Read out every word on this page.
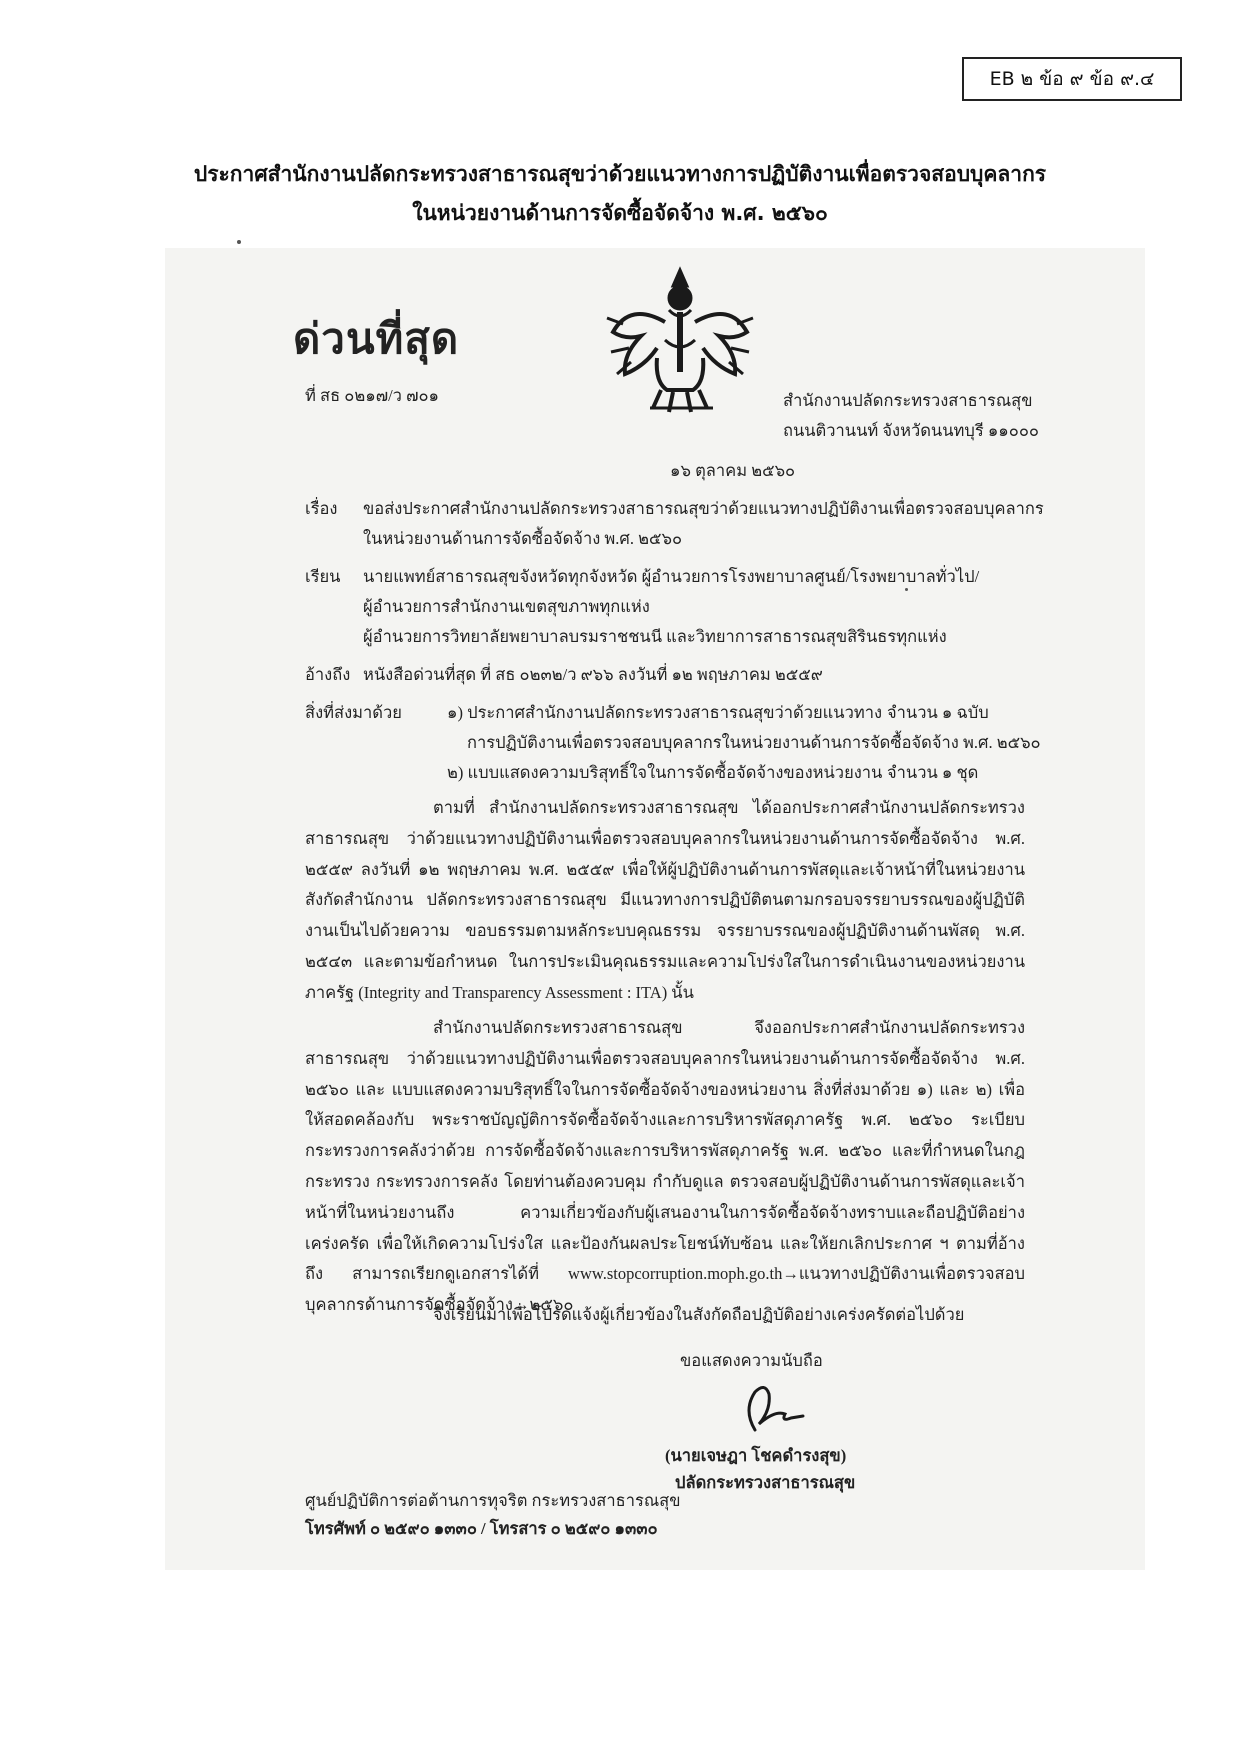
EB ๒ ข้อ ๙ ข้อ ๙.๔
ประกาศสำนักงานปลัดกระทรวงสาธารณสุขว่าด้วยแนวทางการปฏิบัติงานเพื่อตรวจสอบบุคลากร
ในหน่วยงานด้านการจัดซื้อจัดจ้าง พ.ศ. ๒๕๖๐
ด่วนที่สุด
ที่ สธ ๐๒๑๗/ว ๗๐๑	สำนักงานปลัดกระทรวงสาธารณสุข
ถนนติวานนท์ จังหวัดนนทบุรี ๑๑๐๐๐
๑๖ ตุลาคม ๒๕๖๐
เรื่อง ขอส่งประกาศสำนักงานปลัดกระทรวงสาธารณสุขว่าด้วยแนวทางปฏิบัติงานเพื่อตรวจสอบบุคลากร
ในหน่วยงานด้านการจัดซื้อจัดจ้าง พ.ศ. ๒๕๖๐
เรียน นายแพทย์สาธารณสุขจังหวัดทุกจังหวัด ผู้อำนวยการโรงพยาบาลศูนย์/โรงพยาบาลทั่วไป/
ผู้อำนวยการสำนักงานเขตสุขภาพทุกแห่ง
ผู้อำนวยการวิทยาลัยพยาบาลบรมราชชนนี และวิทยาการสาธารณสุขสิรินธรทุกแห่ง
อ้างถึง หนังสือด่วนที่สุด ที่ สธ ๐๒๓๒/ว ๙๖๖ ลงวันที่ ๑๒ พฤษภาคม ๒๕๕๙
สิ่งที่ส่งมาด้วย	๑) ประกาศสำนักงานปลัดกระทรวงสาธารณสุขว่าด้วยแนวทาง จำนวน ๑ ฉบับ
การปฏิบัติงานเพื่อตรวจสอบบุคลากรในหน่วยงานด้านการจัดซื้อจัดจ้าง พ.ศ. ๒๕๖๐
๒) แบบแสดงความบริสุทธิ์ใจในการจัดซื้อจัดจ้างของหน่วยงาน จำนวน ๑ ชุด
ตามที่ สำนักงานปลัดกระทรวงสาธารณสุข ได้ออกประกาศสำนักงานปลัดกระทรวงสาธารณสุข ว่าด้วยแนวทางปฏิบัติงานเพื่อตรวจสอบบุคลากรในหน่วยงานด้านการจัดซื้อจัดจ้าง พ.ศ. ๒๕๕๙ ลงวันที่ ๑๒ พฤษภาคม พ.ศ. ๒๕๕๙ เพื่อให้ผู้ปฏิบัติงานด้านการพัสดุและเจ้าหน้าที่ในหน่วยงานสังกัดสำนักงาน ปลัดกระทรวงสาธารณสุข มีแนวทางการปฏิบัติตนตามกรอบจรรยาบรรณของผู้ปฏิบัติงานเป็นไปด้วยความ ขอบธรรมตามหลักระบบคุณธรรม จรรยาบรรณของผู้ปฏิบัติงานด้านพัสดุ พ.ศ. ๒๕๔๓ และตามข้อกำหนด ในการประเมินคุณธรรมและความโปร่งใสในการดำเนินงานของหน่วยงานภาครัฐ (Integrity and Transparency Assessment : ITA) นั้น
สำนักงานปลัดกระทรวงสาธารณสุข จึงออกประกาศสำนักงานปลัดกระทรวงสาธารณสุข ว่าด้วยแนวทางปฏิบัติงานเพื่อตรวจสอบบุคลากรในหน่วยงานด้านการจัดซื้อจัดจ้าง พ.ศ. ๒๕๖๐ และ แบบแสดงความบริสุทธิ์ใจในการจัดซื้อจัดจ้างของหน่วยงาน สิ่งที่ส่งมาด้วย ๑) และ ๒) เพื่อให้สอดคล้องกับ พระราชบัญญัติการจัดซื้อจัดจ้างและการบริหารพัสดุภาครัฐ พ.ศ. ๒๕๖๐ ระเบียบกระทรวงการคลังว่าด้วย การจัดซื้อจัดจ้างและการบริหารพัสดุภาครัฐ พ.ศ. ๒๕๖๐ และที่กำหนดในกฎกระทรวง กระทรวงการคลัง โดยท่านต้องควบคุม กำกับดูแล ตรวจสอบผู้ปฏิบัติงานด้านการพัสดุและเจ้าหน้าที่ในหน่วยงานถึง ความเกี่ยวข้องกับผู้เสนองานในการจัดซื้อจัดจ้างทราบและถือปฏิบัติอย่างเคร่งครัด เพื่อให้เกิดความโปร่งใส และป้องกันผลประโยชน์ทับซ้อน และให้ยกเลิกประกาศ ฯ ตามที่อ้างถึง สามารถเรียกดูเอกสารได้ที่ www.stopcorruption.moph.go.th→แนวทางปฏิบัติงานเพื่อตรวจสอบบุคลากรด้านการจัดซื้อจัดจ้าง→๒๕๖๐
จึงเรียนมาเพื่อโปรดแจ้งผู้เกี่ยวข้องในสังกัดถือปฏิบัติอย่างเคร่งครัดต่อไปด้วย
ขอแสดงความนับถือ
(นายเจษฎา โชคดำรงสุข)
ปลัดกระทรวงสาธารณสุข
ศูนย์ปฏิบัติการต่อต้านการทุจริต กระทรวงสาธารณสุข
โทรศัพท์ ๐ ๒๕๙๐ ๑๓๓๐ / โทรสาร ๐ ๒๕๙๐ ๑๓๓๐
